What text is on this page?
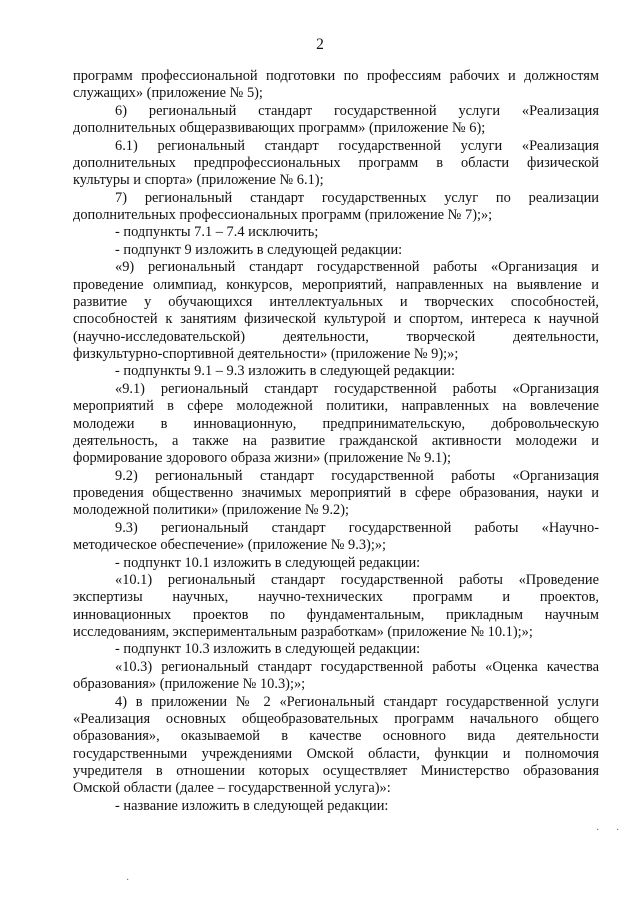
2
программ профессиональной подготовки по профессиям рабочих и должностям
служащих» (приложение № 5);
6)   региональный   стандарт   государственной   услуги   «Реализация
дополнительных общеразвивающих программ» (приложение № 6);
6.1)   региональный   стандарт   государственной   услуги   «Реализация
дополнительных   предпрофессиональных   программ   в   области   физической
культуры и спорта» (приложение № 6.1);
7)   региональный   стандарт   государственных   услуг   по   реализации
дополнительных профессиональных программ (приложение № 7);»;
- подпункты 7.1 – 7.4 исключить;
- подпункт 9 изложить в следующей редакции:
«9) региональный стандарт государственной работы «Организация и
проведение олимпиад, конкурсов, мероприятий, направленных на выявление и
развитие у обучающихся интеллектуальных и творческих способностей,
способностей к занятиям физической культурой и спортом, интереса к научной
(научно-исследовательской)   деятельности,   творческой   деятельности,
физкультурно-спортивной деятельности» (приложение № 9);»;
- подпункты 9.1 – 9.3 изложить в следующей редакции:
«9.1) региональный стандарт государственной работы «Организация
мероприятий в сфере молодежной политики, направленных на вовлечение
молодежи   в   инновационную,   предпринимательскую,   добровольческую
деятельность, а также на развитие гражданской активности молодежи и
формирование здорового образа жизни» (приложение № 9.1);
9.2) региональный стандарт государственной работы «Организация
проведения общественно значимых мероприятий в сфере образования, науки и
молодежной политики» (приложение № 9.2);
9.3)   региональный   стандарт   государственной   работы   «Научно-
методическое обеспечение» (приложение № 9.3);»;
- подпункт 10.1 изложить в следующей редакции:
«10.1) региональный стандарт государственной работы «Проведение
экспертизы   научных,   научно-технических   программ   и   проектов,
инновационных проектов по фундаментальным, прикладным научным
исследованиям, экспериментальным разработкам» (приложение № 10.1);»;
- подпункт 10.3 изложить в следующей редакции:
«10.3) региональный стандарт государственной работы «Оценка качества
образования» (приложение № 10.3);»;
4) в приложении № 2 «Региональный стандарт государственной услуги
«Реализация основных общеобразовательных программ начального общего
образования»,   оказываемой   в   качестве   основного   вида   деятельности
государственными учреждениями Омской области, функции и полномочия
учредителя в отношении которых осуществляет Министерство образования
Омской области (далее – государственной услуга)»:
- название изложить в следующей редакции:
· ·
·
